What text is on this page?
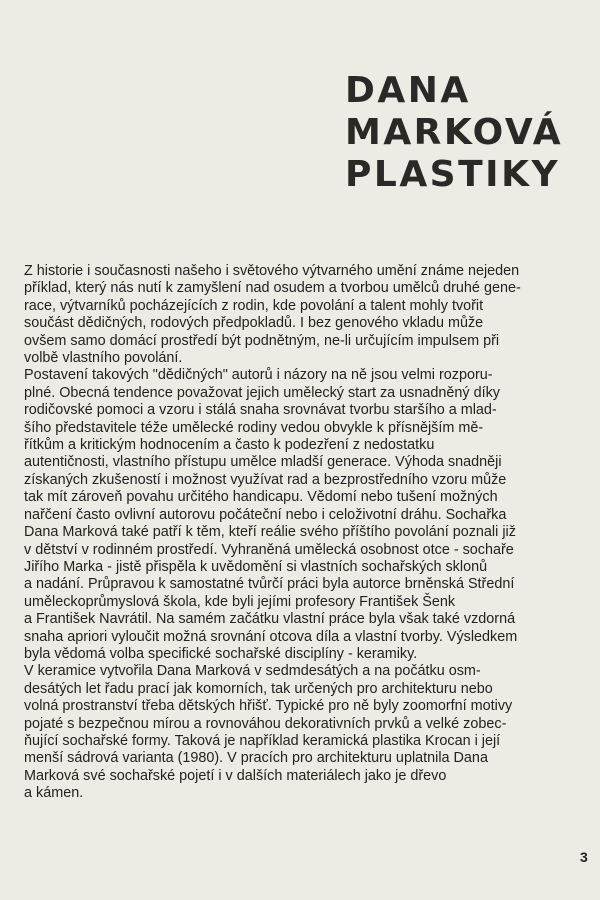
DANA
MARKOVÁ
PLASTIKY
Z historie i současnosti našeho i světového výtvarného umění známe nejeden
příklad, který nás nutí k zamyšlení nad osudem a tvorbou umělců druhé gene-
race, výtvarníků pocházejících z rodin, kde povolání a talent mohly tvořit
součást dědičných, rodových předpokladů. I bez genového vkladu může
ovšem samo domácí prostředí být podnětným, ne-li určujícím impulsem při
volbě vlastního povolání.
Postavení takových "dědičných" autorů i názory na ně jsou velmi rozporu-
plné. Obecná tendence považovat jejich umělecký start za usnadněný díky
rodičovské pomoci a vzoru i stálá snaha srovnávat tvorbu staršího a mlad-
šího představitele téže umělecké rodiny vedou obvykle k přísnějším mě-
řítkům a kritickým hodnocením a často k podezření z nedostatku
autentičnosti, vlastního přístupu umělce mladší generace. Výhoda snadněji
získaných zkušeností i možnost využívat rad a bezprostředního vzoru může
tak mít zároveň povahu určitého handicapu. Vědomí nebo tušení možných
nařčení často ovlivní autorovu počáteční nebo i celoživotní dráhu. Sochařka
Dana Marková také patří k těm, kteří reálie svého příštího povolání poznali již
v dětství v rodinném prostředí. Vyhraněná umělecká osobnost otce - sochaře
Jiřího Marka - jistě přispěla k uvědomění si vlastních sochařských sklonů
a nadání. Průpravou k samostatné tvůrčí práci byla autorce brněnská Střední
uměleckoprůmyslová škola, kde byli jejími profesory František Šenk
a František Navrátil. Na samém začátku vlastní práce byla však také vzdorná
snaha apriori vyloučit možná srovnání otcova díla a vlastní tvorby. Výsledkem
byla vědomá volba specifické sochařské disciplíny - keramiky.
V keramice vytvořila Dana Marková v sedmdesátých a na počátku osm-
desátých let řadu prací jak komorních, tak určených pro architekturu nebo
volná prostranství třeba dětských hřišť. Typické pro ně byly zoomorfní motivy
pojaté s bezpečnou mírou a rovnováhou dekorativních prvků a velké zobec-
ňující sochařské formy. Taková je například keramická plastika Krocan i její
menší sádrová varianta (1980). V pracích pro architekturu uplatnila Dana
Marková své sochařské pojetí i v dalších materiálech jako je dřevo
a kámen.
3
